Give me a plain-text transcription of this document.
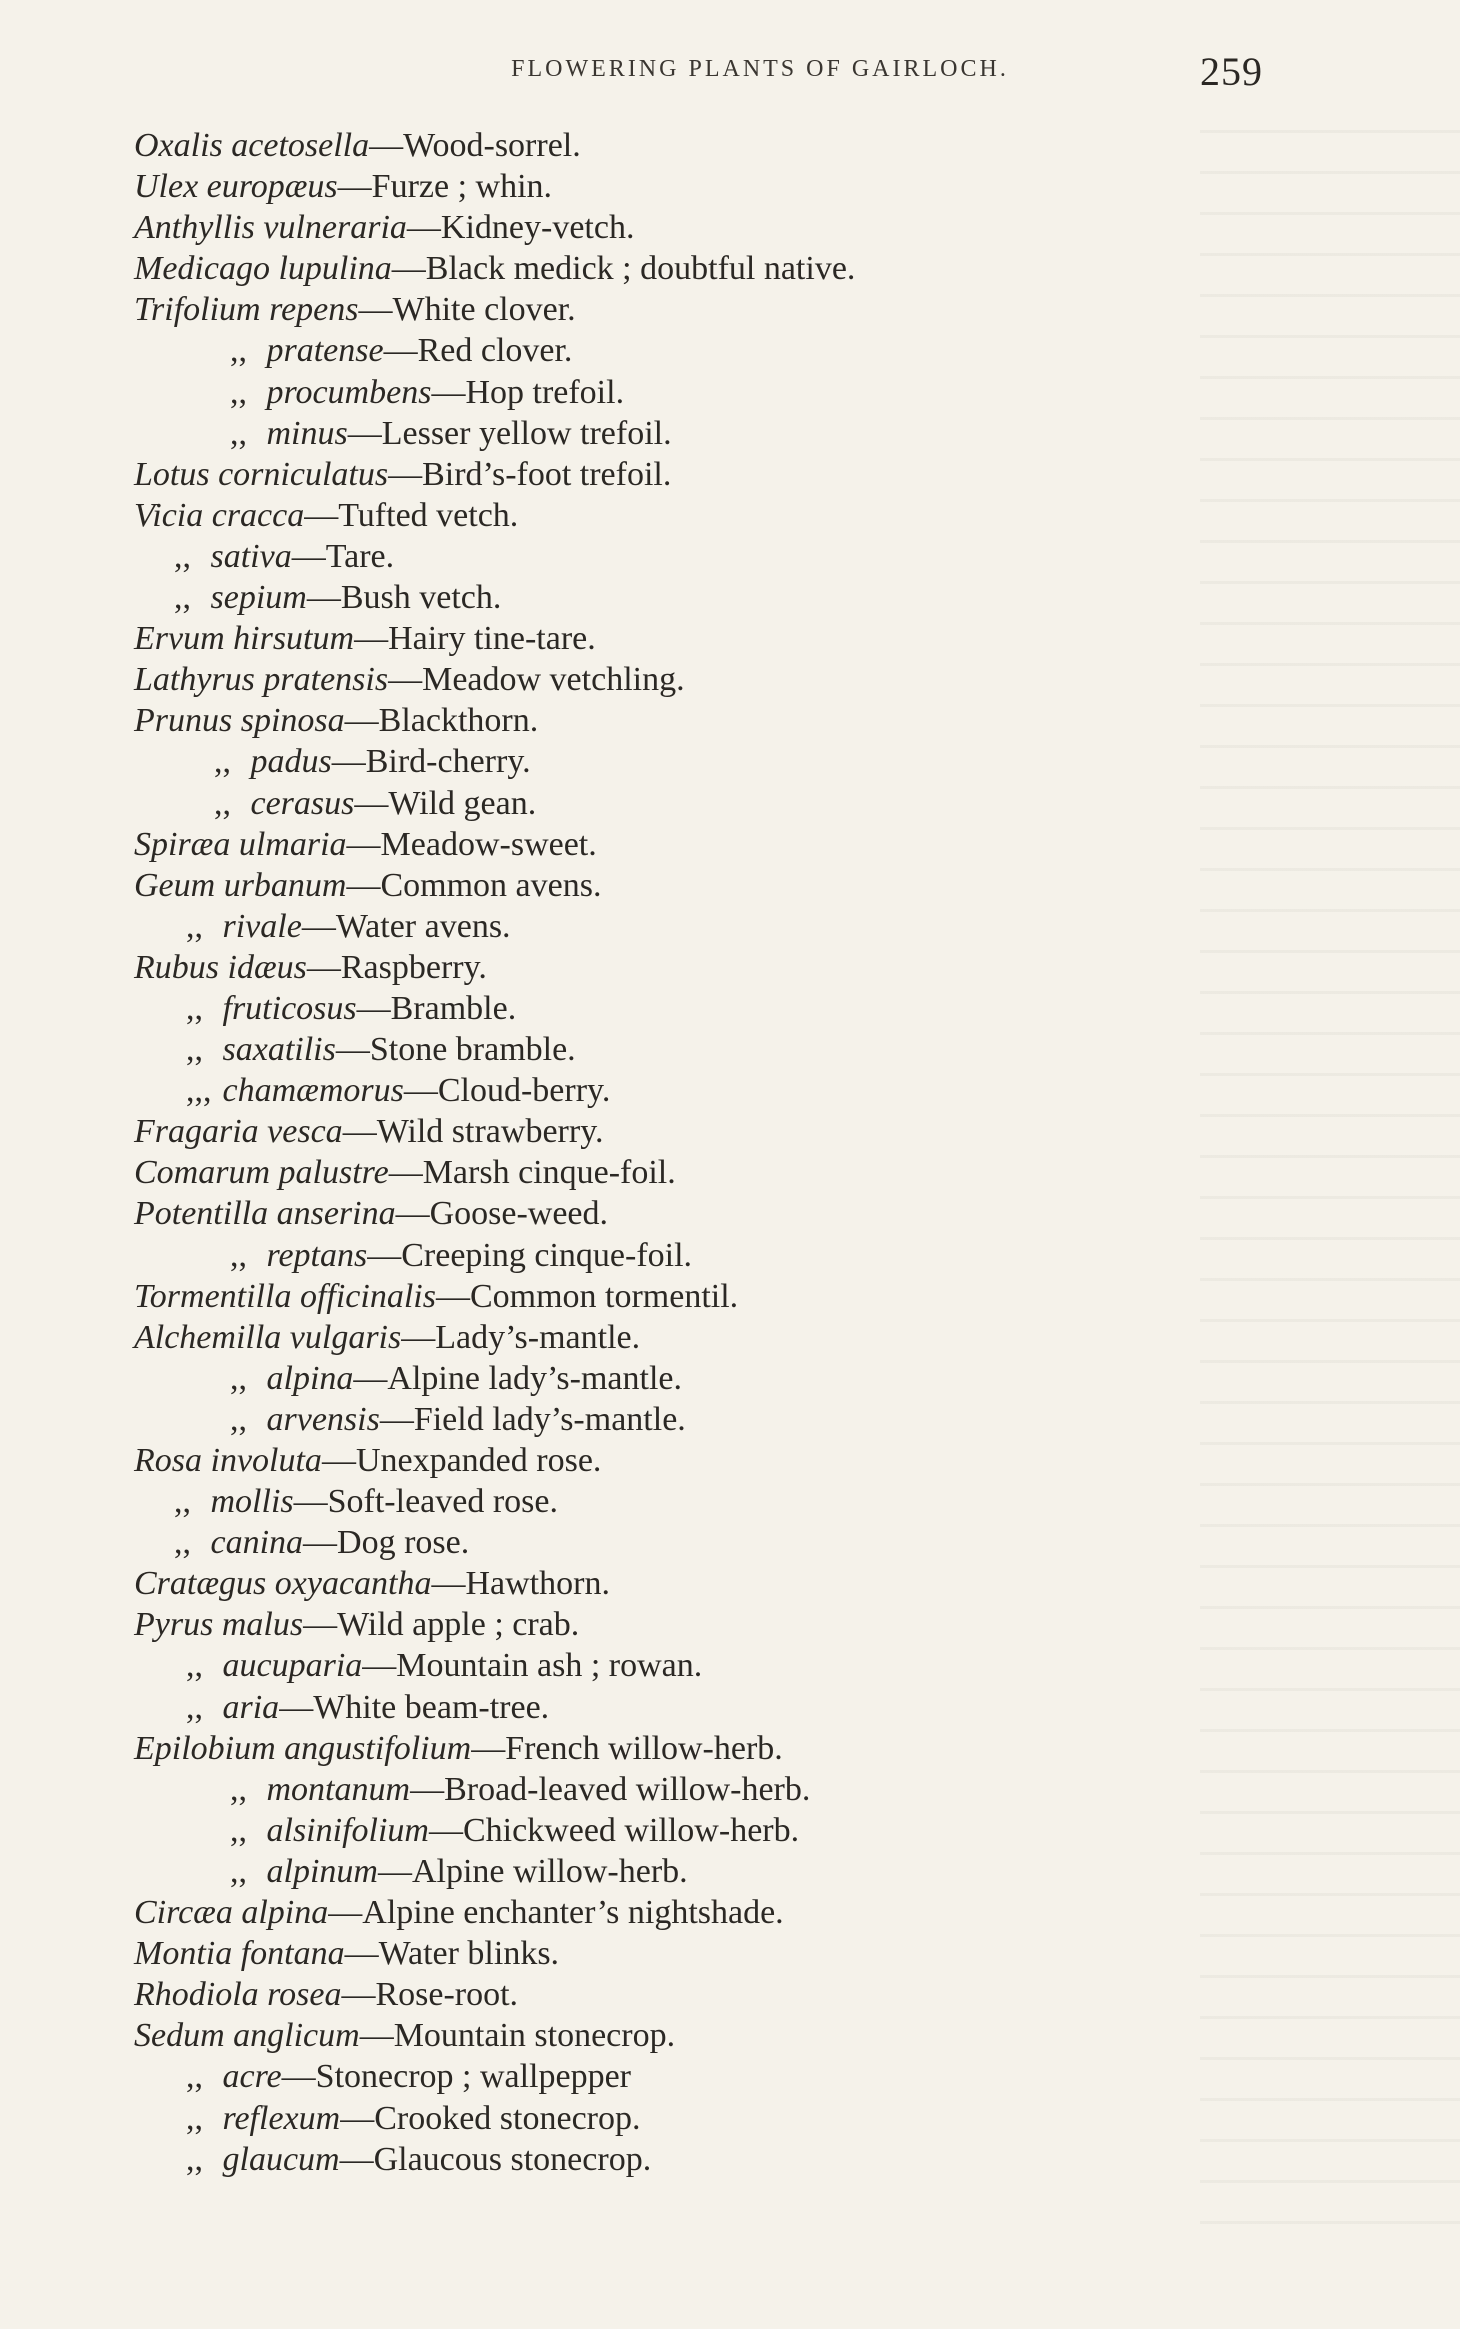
FLOWERING PLANTS OF GAIRLOCH.	259
Oxalis acetosella—Wood-sorrel.
Ulex europæus—Furze ; whin.
Anthyllis vulneraria—Kidney-vetch.
Medicago lupulina—Black medick ; doubtful native.
Trifolium repens—White clover.
,, pratense—Red clover.
,, procumbens—Hop trefoil.
,, minus—Lesser yellow trefoil.
Lotus corniculatus—Bird’s-foot trefoil.
Vicia cracca—Tufted vetch.
,, sativa—Tare.
,, sepium—Bush vetch.
Ervum hirsutum—Hairy tine-tare.
Lathyrus pratensis—Meadow vetchling.
Prunus spinosa—Blackthorn.
,, padus—Bird-cherry.
,, cerasus—Wild gean.
Spiræa ulmaria—Meadow-sweet.
Geum urbanum—Common avens.
,, rivale—Water avens.
Rubus idæus—Raspberry.
,, fruticosus—Bramble.
,, saxatilis—Stone bramble.
,,, chamæmorus—Cloud-berry.
Fragaria vesca—Wild strawberry.
Comarum palustre—Marsh cinque-foil.
Potentilla anserina—Goose-weed.
,, reptans—Creeping cinque-foil.
Tormentilla officinalis—Common tormentil.
Alchemilla vulgaris—Lady’s-mantle.
,, alpina—Alpine lady’s-mantle.
,, arvensis—Field lady’s-mantle.
Rosa involuta—Unexpanded rose.
,, mollis—Soft-leaved rose.
,, canina—Dog rose.
Cratægus oxyacantha—Hawthorn.
Pyrus malus—Wild apple ; crab.
,, aucuparia—Mountain ash ; rowan.
,, aria—White beam-tree.
Epilobium angustifolium—French willow-herb.
,, montanum—Broad-leaved willow-herb.
,, alsinifolium—Chickweed willow-herb.
,, alpinum—Alpine willow-herb.
Circæa alpina—Alpine enchanter’s nightshade.
Montia fontana—Water blinks.
Rhodiola rosea—Rose-root.
Sedum anglicum—Mountain stonecrop.
,, acre—Stonecrop ; wallpepper
,, reflexum—Crooked stonecrop.
,, glaucum—Glaucous stonecrop.
